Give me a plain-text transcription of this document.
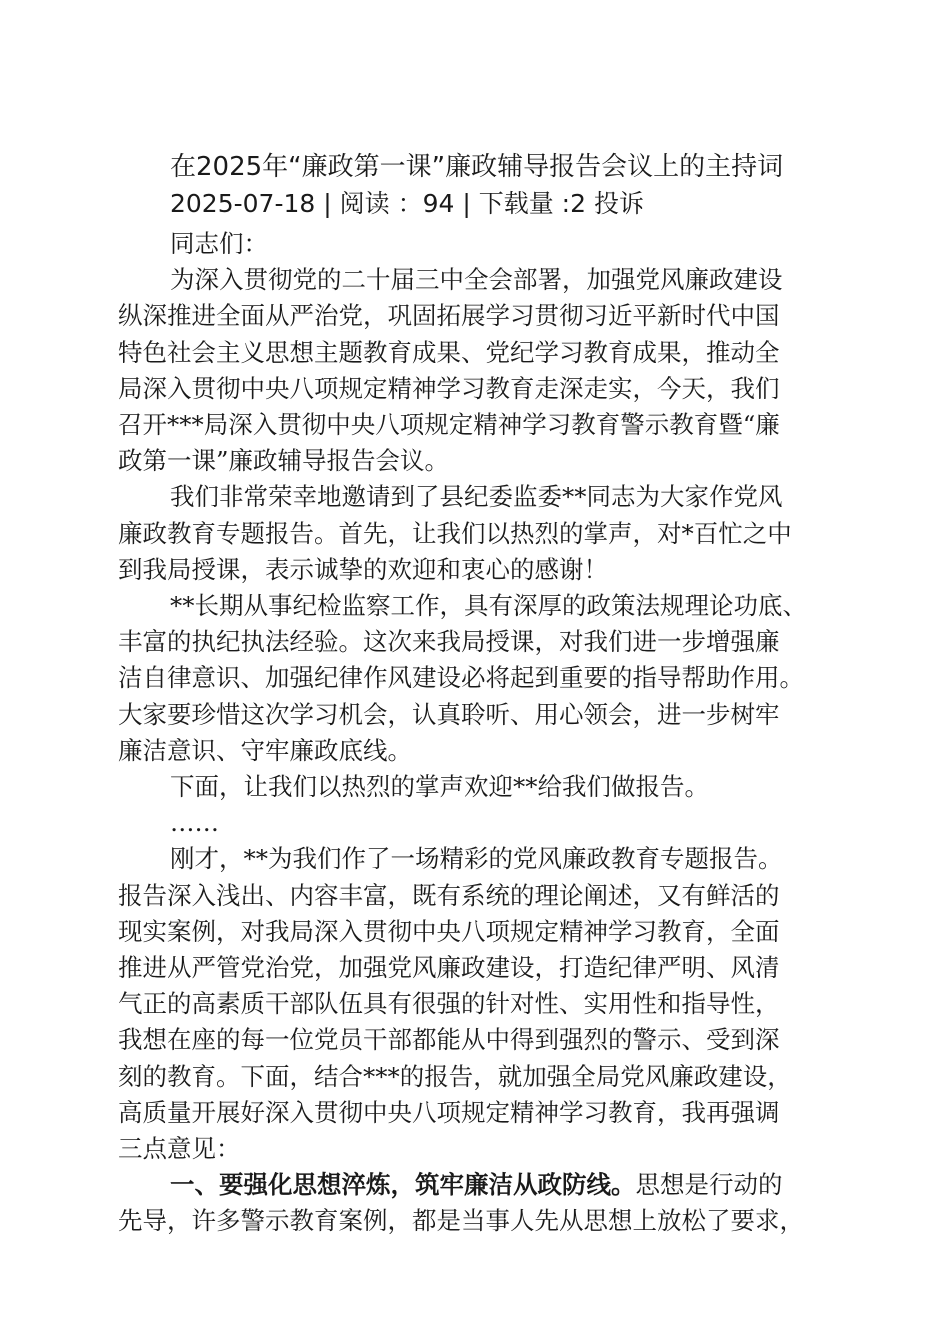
在2025年“廉政第一课”廉政辅导报告会议上的主持词
2025-07-18 | 阅读 ：94 | 下载量 :2 投诉

同志们：

为深入贯彻党的二十届三中全会部署，加强党风廉政建设
纵深推进全面从严治党，巩固拓展学习贯彻习近平新时代中国
特色社会主义思想主题教育成果、党纪学习教育成果，推动全
局深入贯彻中央八项规定精神学习教育走深走实，今天，我们
召开***局深入贯彻中央八项规定精神学习教育警示教育暨“廉
政第一课”廉政辅导报告会议。

我们非常荣幸地邀请到了县纪委监委**同志为大家作党风
廉政教育专题报告。首先，让我们以热烈的掌声，对*百忙之中
到我局授课，表示诚挚的欢迎和衷心的感谢！

**长期从事纪检监察工作，具有深厚的政策法规理论功底、
丰富的执纪执法经验。这次来我局授课，对我们进一步增强廉
洁自律意识、加强纪律作风建设必将起到重要的指导帮助作用。
大家要珍惜这次学习机会，认真聆听、用心领会，进一步树牢
廉洁意识、守牢廉政底线。

下面，让我们以热烈的掌声欢迎**给我们做报告。

……

刚才，**为我们作了一场精彩的党风廉政教育专题报告。
报告深入浅出、内容丰富，既有系统的理论阐述，又有鲜活的
现实案例，对我局深入贯彻中央八项规定精神学习教育，全面
推进从严管党治党，加强党风廉政建设，打造纪律严明、风清
气正的高素质干部队伍具有很强的针对性、实用性和指导性，
我想在座的每一位党员干部都能从中得到强烈的警示、受到深
刻的教育。下面，结合***的报告，就加强全局党风廉政建设，
高质量开展好深入贯彻中央八项规定精神学习教育，我再强调
三点意见：

一、要强化思想淬炼，筑牢廉洁从政防线。思想是行动的
先导，许多警示教育案例，都是当事人先从思想上放松了要求，
